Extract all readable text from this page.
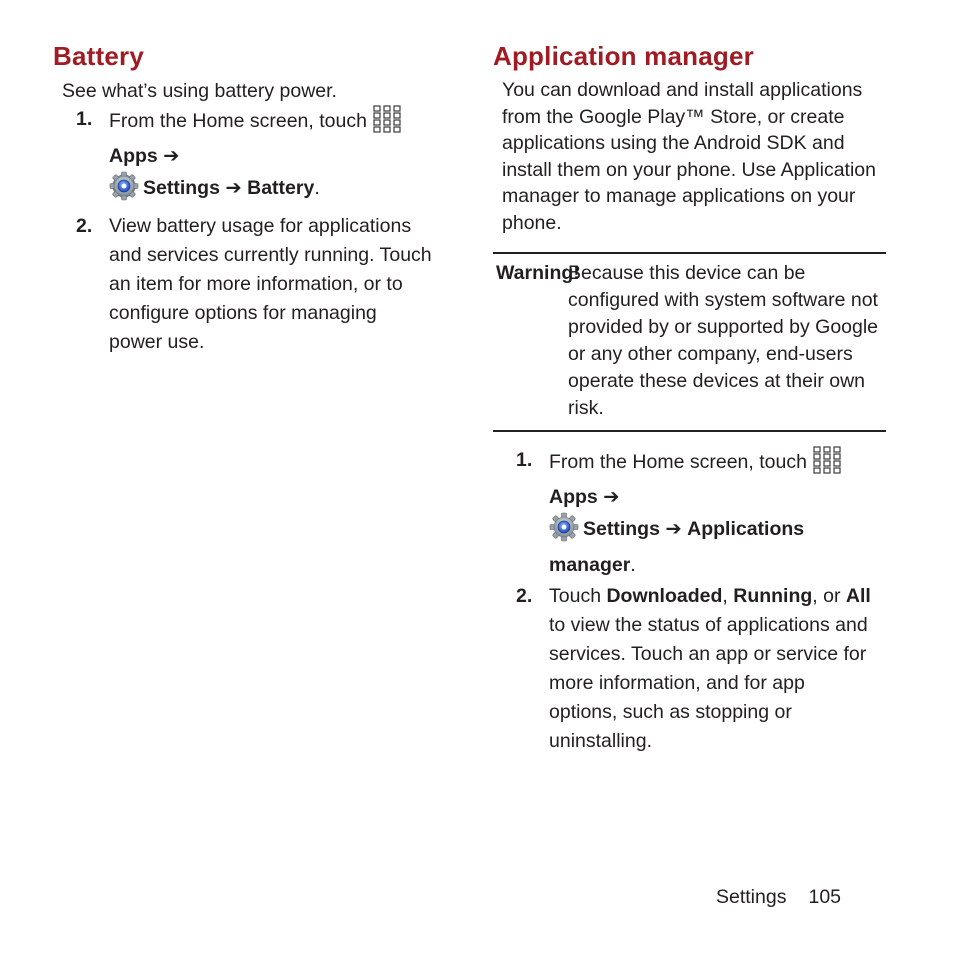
Battery
See what’s using battery power.
1. From the Home screen, touchApps ➔
Settings ➔ Battery.
2. View battery usage for applications and services currently running. Touch an item for more information, or to configure options for managing power use.
Application manager
You can download and install applications from the Google Play™ Store, or create applications using the Android SDK and install them on your phone. Use Application manager to manage applications on your phone.
Warning!
Because this device can be configured with system software not provided by or supported by Google or any other company, end-users operate these devices at their own risk.
1. From the Home screen, touchApps ➔
Settings ➔ Applications manager.
2. Touch Downloaded, Running, or All to view the status of applications and services. Touch an app or service for more information, and for app options, such as stopping or uninstalling.
Settings 105
